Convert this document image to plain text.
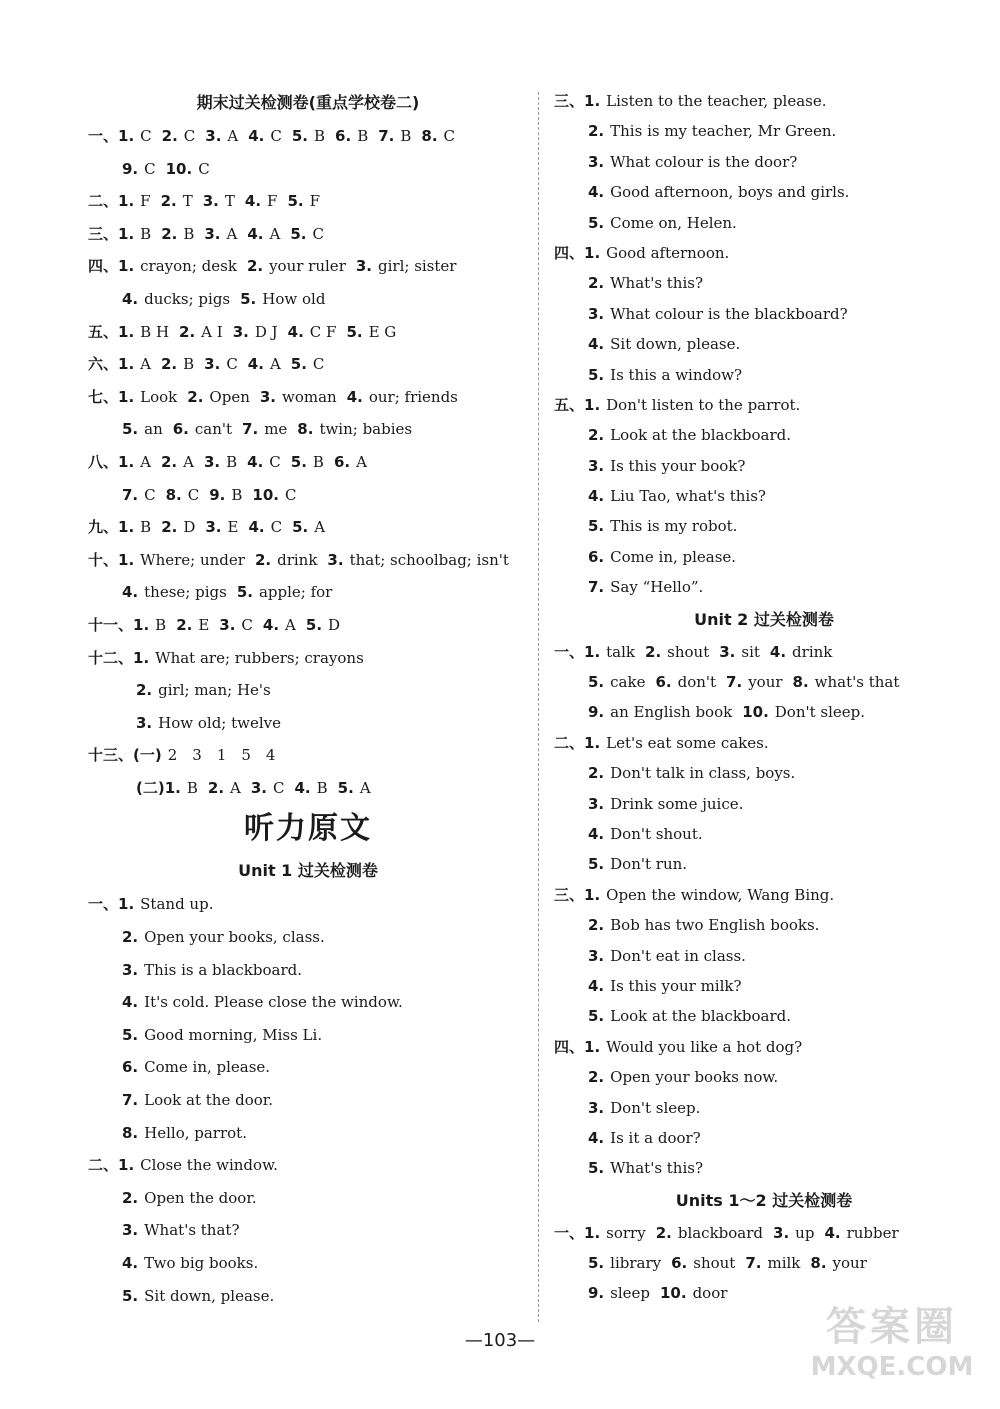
期末过关检测卷(重点学校卷二)
一、1. C 2. C 3. A 4. C 5. B 6. B 7. B 8. C
9. C 10. C
二、1. F 2. T 3. T 4. F 5. F
三、1. B 2. B 3. A 4. A 5. C
四、1. crayon; desk 2. your ruler 3. girl; sister
4. ducks; pigs 5. How old
五、1. B H 2. A I 3. D J 4. C F 5. E G
六、1. A 2. B 3. C 4. A 5. C
七、1. Look 2. Open 3. woman 4. our; friends
5. an 6. can't 7. me 8. twin; babies
八、1. A 2. A 3. B 4. C 5. B 6. A
7. C 8. C 9. B 10. C
九、1. B 2. D 3. E 4. C 5. A
十、1. Where; under 2. drink 3. that; schoolbag; isn't
4. these; pigs 5. apple; for
十一、1. B 2. E 3. C 4. A 5. D
十二、1. What are; rubbers; crayons
2. girl; man; He's
3. How old; twelve
十三、(一) 2　3　1　5　4
(二)1. B 2. A 3. C 4. B 5. A
听力原文
Unit 1 过关检测卷
一、1. Stand up.
2. Open your books, class.
3. This is a blackboard.
4. It's cold. Please close the window.
5. Good morning, Miss Li.
6. Come in, please.
7. Look at the door.
8. Hello, parrot.
二、1. Close the window.
2. Open the door.
3. What's that?
4. Two big books.
5. Sit down, please.
三、1. Listen to the teacher, please.
2. This is my teacher, Mr Green.
3. What colour is the door?
4. Good afternoon, boys and girls.
5. Come on, Helen.
四、1. Good afternoon.
2. What's this?
3. What colour is the blackboard?
4. Sit down, please.
5. Is this a window?
五、1. Don't listen to the parrot.
2. Look at the blackboard.
3. Is this your book?
4. Liu Tao, what's this?
5. This is my robot.
6. Come in, please.
7. Say “Hello”.
Unit 2 过关检测卷
一、1. talk 2. shout 3. sit 4. drink
5. cake 6. don't 7. your 8. what's that
9. an English book 10. Don't sleep.
二、1. Let's eat some cakes.
2. Don't talk in class, boys.
3. Drink some juice.
4. Don't shout.
5. Don't run.
三、1. Open the window, Wang Bing.
2. Bob has two English books.
3. Don't eat in class.
4. Is this your milk?
5. Look at the blackboard.
四、1. Would you like a hot dog?
2. Open your books now.
3. Don't sleep.
4. Is it a door?
5. What's this?
Units 1～2 过关检测卷
一、1. sorry 2. blackboard 3. up 4. rubber
5. library 6. shout 7. milk 8. your
9. sleep 10. door
—103—	答案圈
MXQE.COM
